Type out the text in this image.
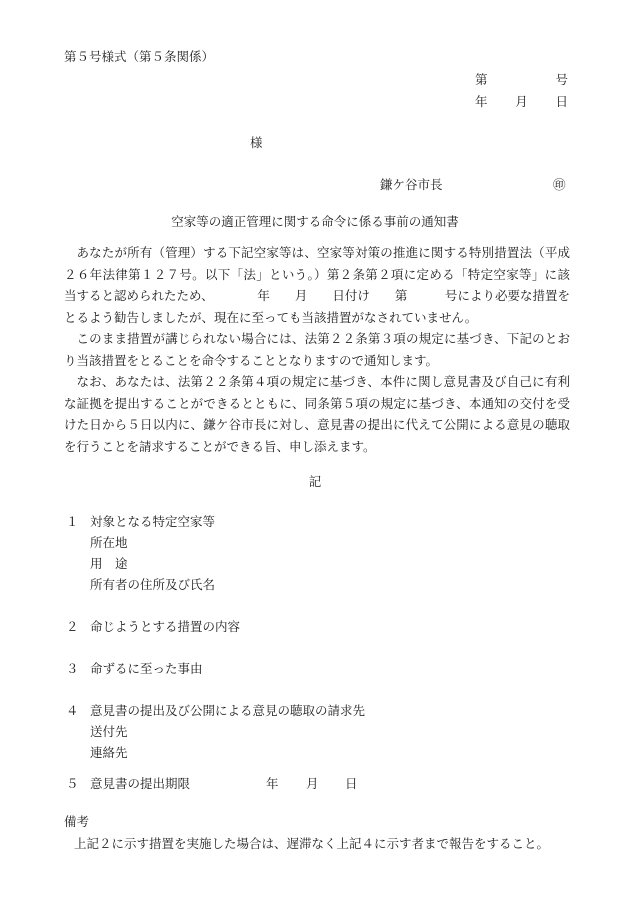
第５号様式（第５条関係）
第	号
年 月 日
様
鎌ケ谷市長	㊞
空家等の適正管理に関する命令に係る事前の通知書
あなたが所有（管理）する下記空家等は、空家等対策の推進に関する特別措置法（平成２６年法律第１２７号。以下「法」という。）第２条第２項に定める「特定空家等」に該当すると認められたため、　　　　年　　月　　日付け　　第　　　号により必要な措置をとるよう勧告しましたが、現在に至っても当該措置がなされていません。
このまま措置が講じられない場合には、法第２２条第３項の規定に基づき、下記のとおり当該措置をとることを命令することとなりますので通知します。
なお、あなたは、法第２２条第４項の規定に基づき、本件に関し意見書及び自己に有利な証拠を提出することができるとともに、同条第５項の規定に基づき、本通知の交付を受けた日から５日以内に、鎌ケ谷市長に対し、意見書の提出に代えて公開による意見の聴取を行うことを請求することができる旨、申し添えます。
記
１ 対象となる特定空家等
所在地
用　途
所有者の住所及び氏名
２ 命じようとする措置の内容
３ 命ずるに至った事由
４ 意見書の提出及び公開による意見の聴取の請求先
送付先
連絡先
５ 意見書の提出期限	年 月 日
備考
上記２に示す措置を実施した場合は、遅滞なく上記４に示す者まで報告をすること。
